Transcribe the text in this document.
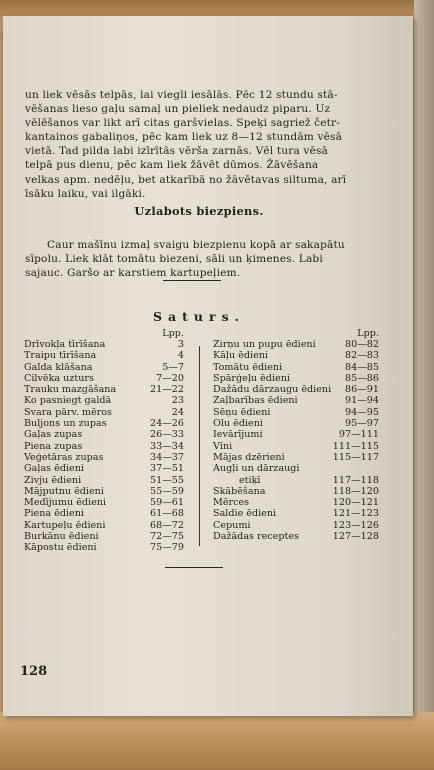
un liek vēsās telpās, lai viegli iesālās. Pēc 12 stundu stā-

vēšanas lieso gaļu samaļ un pieliek nedaudz piparu. Uz

vēlēšanos var likt arī citas garšvielas. Speķi sagriež četr-

kantainos gabaliņos, pēc kam liek uz 8—12 stundām vēsā

vietā. Tad pilda labi izīrītās vērša zarnās. Vēl tura vēsā

telpā pus dienu, pēc kam liek žāvēt dūmos. Žāvēšana

velkas apm. nedēļu, bet atkarībā no žāvētavas siltuma, arī

īsāku laiku, vai ilgāki.

Uzlabots biezpiens.

Caur mašīnu izmaļ svaigu biezpienu kopā ar sakapātu

sīpolu. Liek klāt tomātu biezeni, sāli un ķimenes. Labi

sajauc. Garšo ar karstiem kartupeļiem.

Saturs.
Lpp.
Drīvokļa tīrīšana	3
Traipu tīrīšana	4
Galda klāšana	5—7
Cilvēka uzturs	7—20
Trauku mazgāšana	21—22
Ko pasniegt galdā	23
Svara pārv. mēros	24
Buljons un zupas	24—26
Gaļas zupas	26—33
Piena zupas	33—34
Veģetāras zupas	34—37
Gaļas ēdieni	37—51
Zivju ēdieni	51—55
Mājputnu ēdieni	55—59
Medījumu ēdieni	59—61
Piena ēdieni	61—68
Kartupeļu ēdieni	68—72
Burkānu ēdieni	72—75
Kāpostu ēdieni	75—79
Lpp.
Zirņu un pupu ēdieni	80—82
Kāļu ēdieni	82—83
Tomātu ēdieni	84—85
Spārģeļu ēdieni	85—86
Dažādu dārzaugu ēdieni	86—91
Zaļbarības ēdieni	91—94
Sēņu ēdieni	94—95
Olu ēdieni	95—97
Ievārījumi	97—111
Vīni	111—115
Mājas dzērieni	115—117
Augļi un dārzaugi
etiķī	117—118
Skābēšana	118—120
Mērces	120—121
Saldie ēdieni	121—123
Cepumi	123—126
Dažādas receptes	127—128
128
